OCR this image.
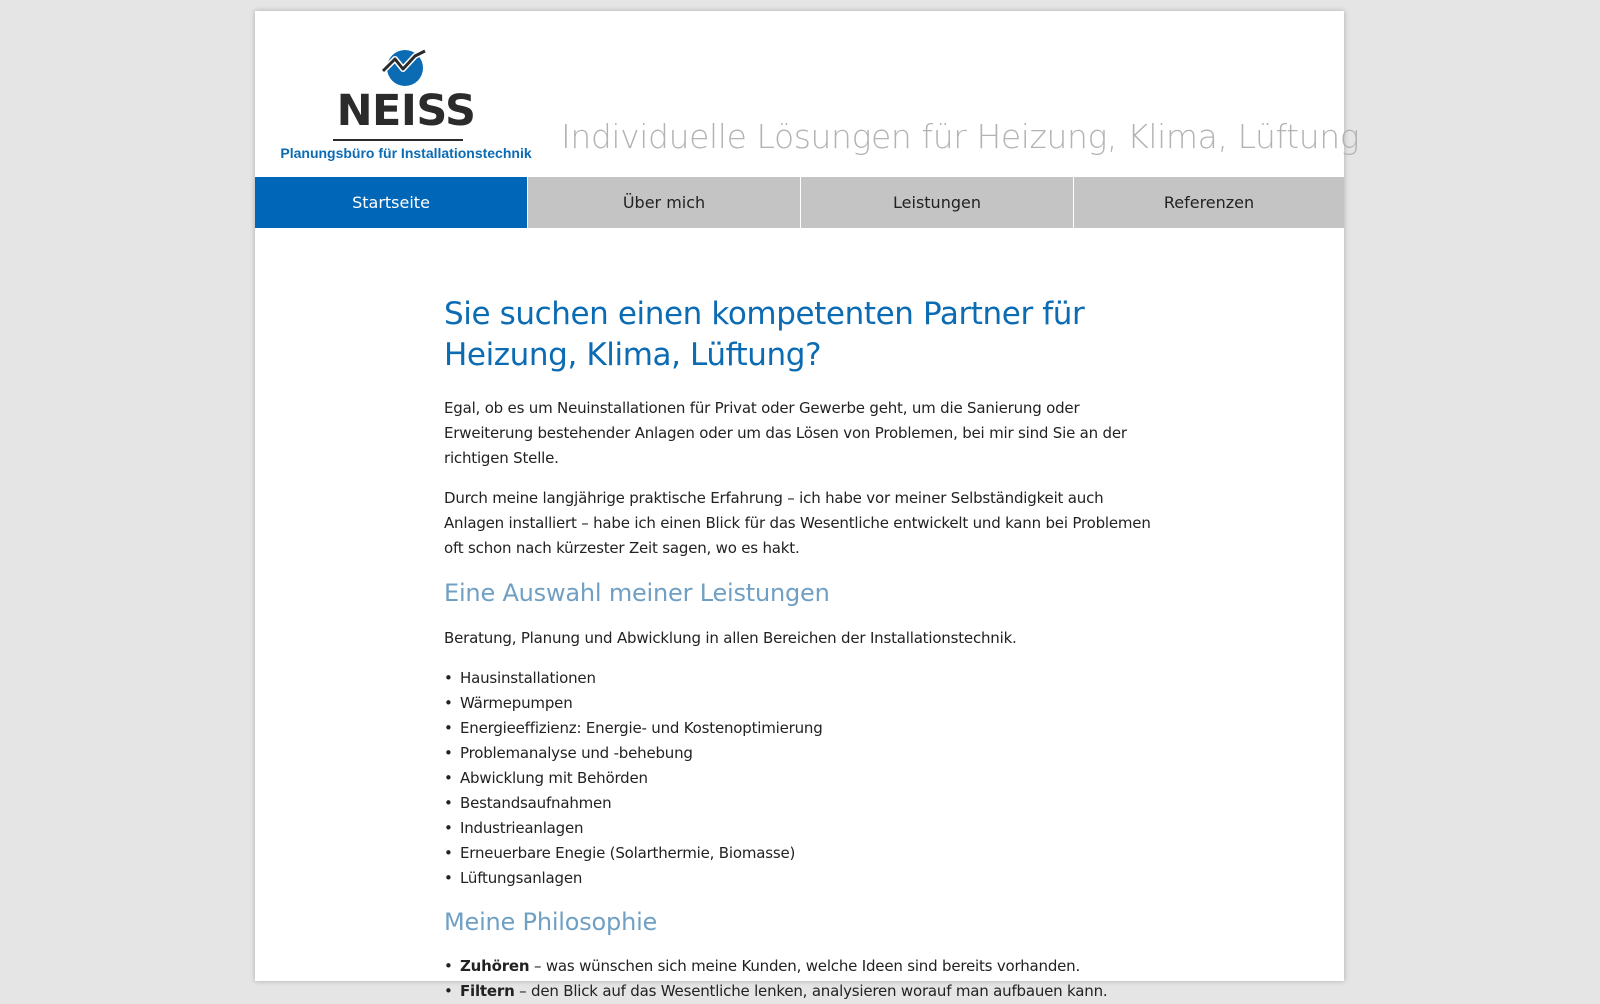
NEISS
Planungsbüro für Installationstechnik Individuelle Lösungen für Heizung, Klima, Lüftung
Startseite	Über mich	Leistungen	Referenzen
Sie suchen einen kompetenten Partner für Heizung, Klima, Lüftung?

Egal, ob es um Neuinstallationen für Privat oder Gewerbe geht, um die Sanierung oder Erweiterung bestehender Anlagen oder um das Lösen von Problemen, bei mir sind Sie an der richtigen Stelle.

Durch meine langjährige praktische Erfahrung – ich habe vor meiner Selbständigkeit auch Anlagen installiert – habe ich einen Blick für das Wesentliche entwickelt und kann bei Problemen oft schon nach kürzester Zeit sagen, wo es hakt.

Eine Auswahl meiner Leistungen

Beratung, Planung und Abwicklung in allen Bereichen der Installationstechnik.

• Hausinstallationen
• Wärmepumpen
• Energieeffizienz: Energie- und Kostenoptimierung
• Problemanalyse und -behebung
• Abwicklung mit Behörden
• Bestandsaufnahmen
• Industrieanlagen
• Erneuerbare Enegie (Solarthermie, Biomasse)
• Lüftungsanlagen
Meine Philosophie
• Zuhören – was wünschen sich meine Kunden, welche Ideen sind bereits vorhanden.
• Filtern – den Blick auf das Wesentliche lenken, analysieren worauf man aufbauen kann.
